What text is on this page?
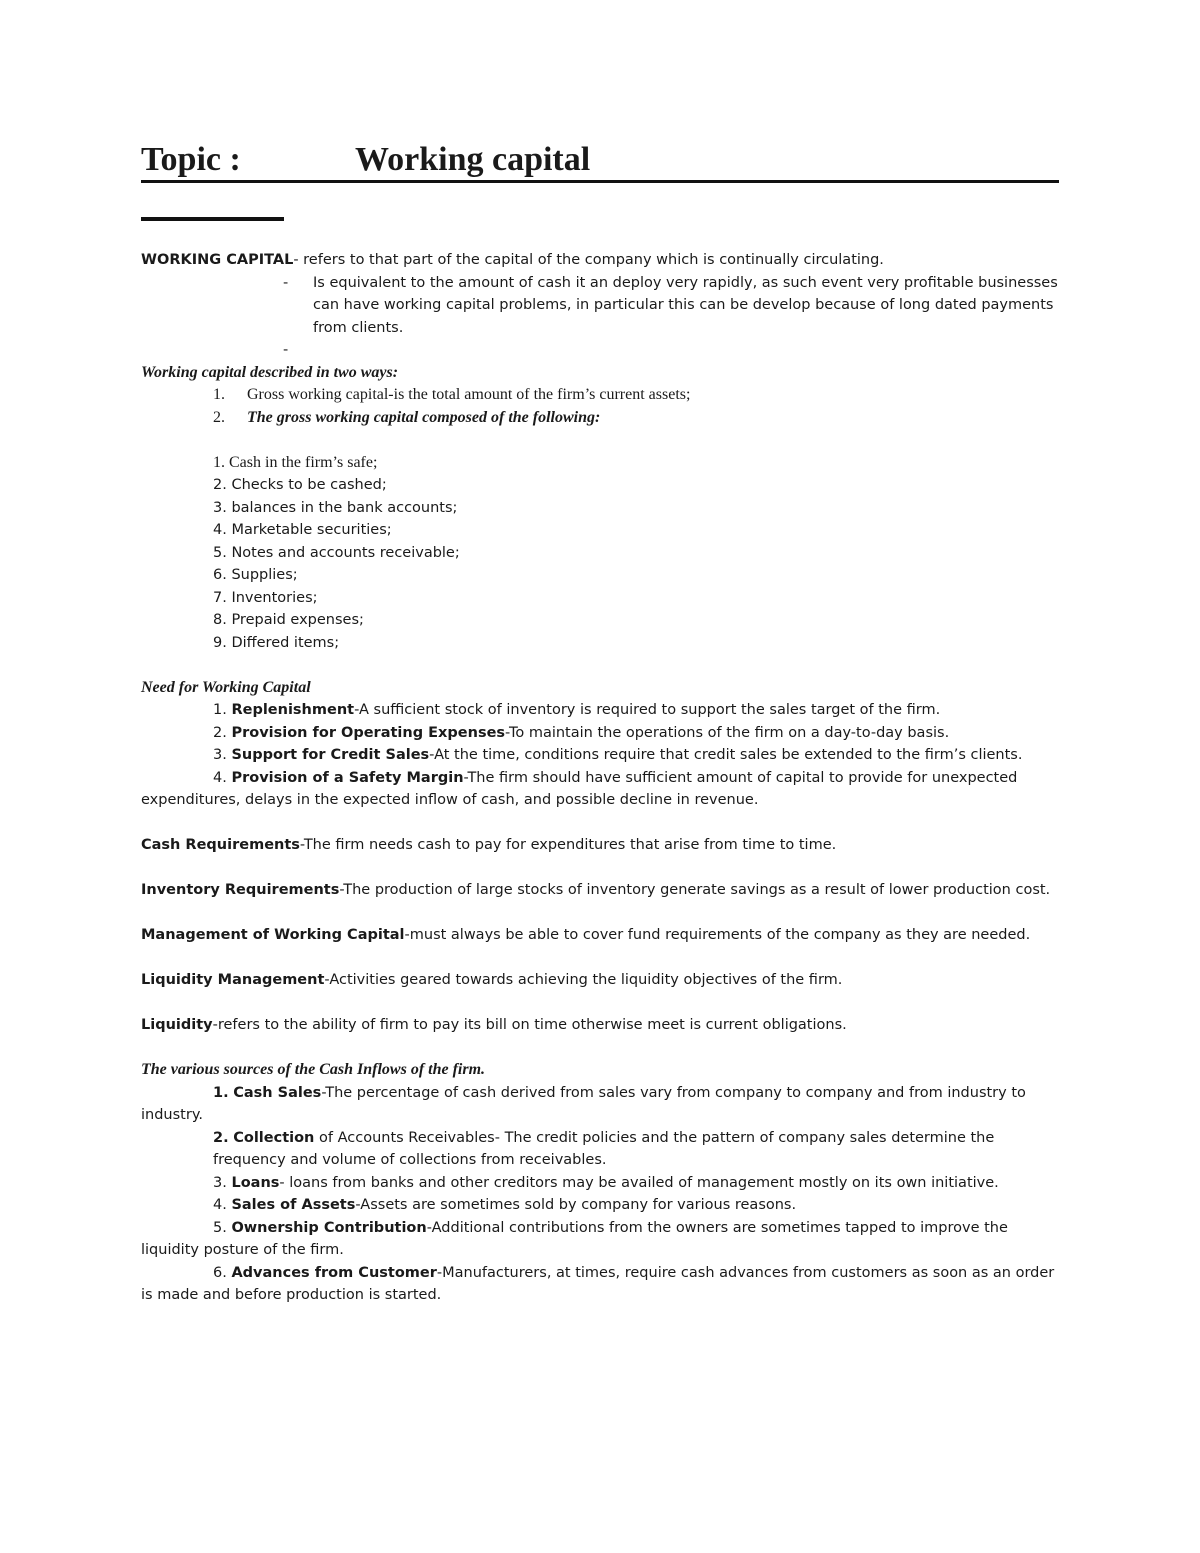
Topic :	Working capital

WORKING CAPITAL- refers to that part of the capital of the company which is continually circulating.

- Is equivalent to the amount of cash it an deploy very rapidly, as such event very profitable businesses can have working capital problems, in particular this can be develop because of long dated payments from clients.
-

Working capital described in two ways:

1.	Gross working capital-is the total amount of the firm’s current assets;
2.	The gross working capital composed of the following:
1. Cash in the firm’s safe;
2. Checks to be cashed;
3. balances in the bank accounts;
4. Marketable securities;
5. Notes and accounts receivable;
6. Supplies;
7. Inventories;
8. Prepaid expenses;
9. Differed items;

Need for Working Capital

1. Replenishment-A sufficient stock of inventory is required to support the sales target of the firm.

2. Provision for Operating Expenses-To maintain the operations of the firm on a day-to-day basis.

3. Support for Credit Sales-At the time, conditions require that credit sales be extended to the firm’s clients.

4. Provision of a Safety Margin-The firm should have sufficient amount of capital to provide for unexpected expenditures, delays in the expected inflow of cash, and possible decline in revenue.

Cash Requirements-The firm needs cash to pay for expenditures that arise from time to time.

Inventory Requirements-The production of large stocks of inventory generate savings as a result of lower production cost.

Management of Working Capital-must always be able to cover fund requirements of the company as they are needed.

Liquidity Management-Activities geared towards achieving the liquidity objectives of the firm.

Liquidity-refers to the ability of firm to pay its bill on time otherwise meet is current obligations.

The various sources of the Cash Inflows of the firm.

1. Cash Sales-The percentage of cash derived from sales vary from company to company and from industry to industry.

2. Collection of Accounts Receivables- The credit policies and the pattern of company sales determine the frequency and volume of collections from receivables.

3. Loans- loans from banks and other creditors may be availed of management mostly on its own initiative.

4. Sales of Assets-Assets are sometimes sold by company for various reasons.

5. Ownership Contribution-Additional contributions from the owners are sometimes tapped to improve the liquidity posture of the firm.

6. Advances from Customer-Manufacturers, at times, require cash advances from customers as soon as an order is made and before production is started.
